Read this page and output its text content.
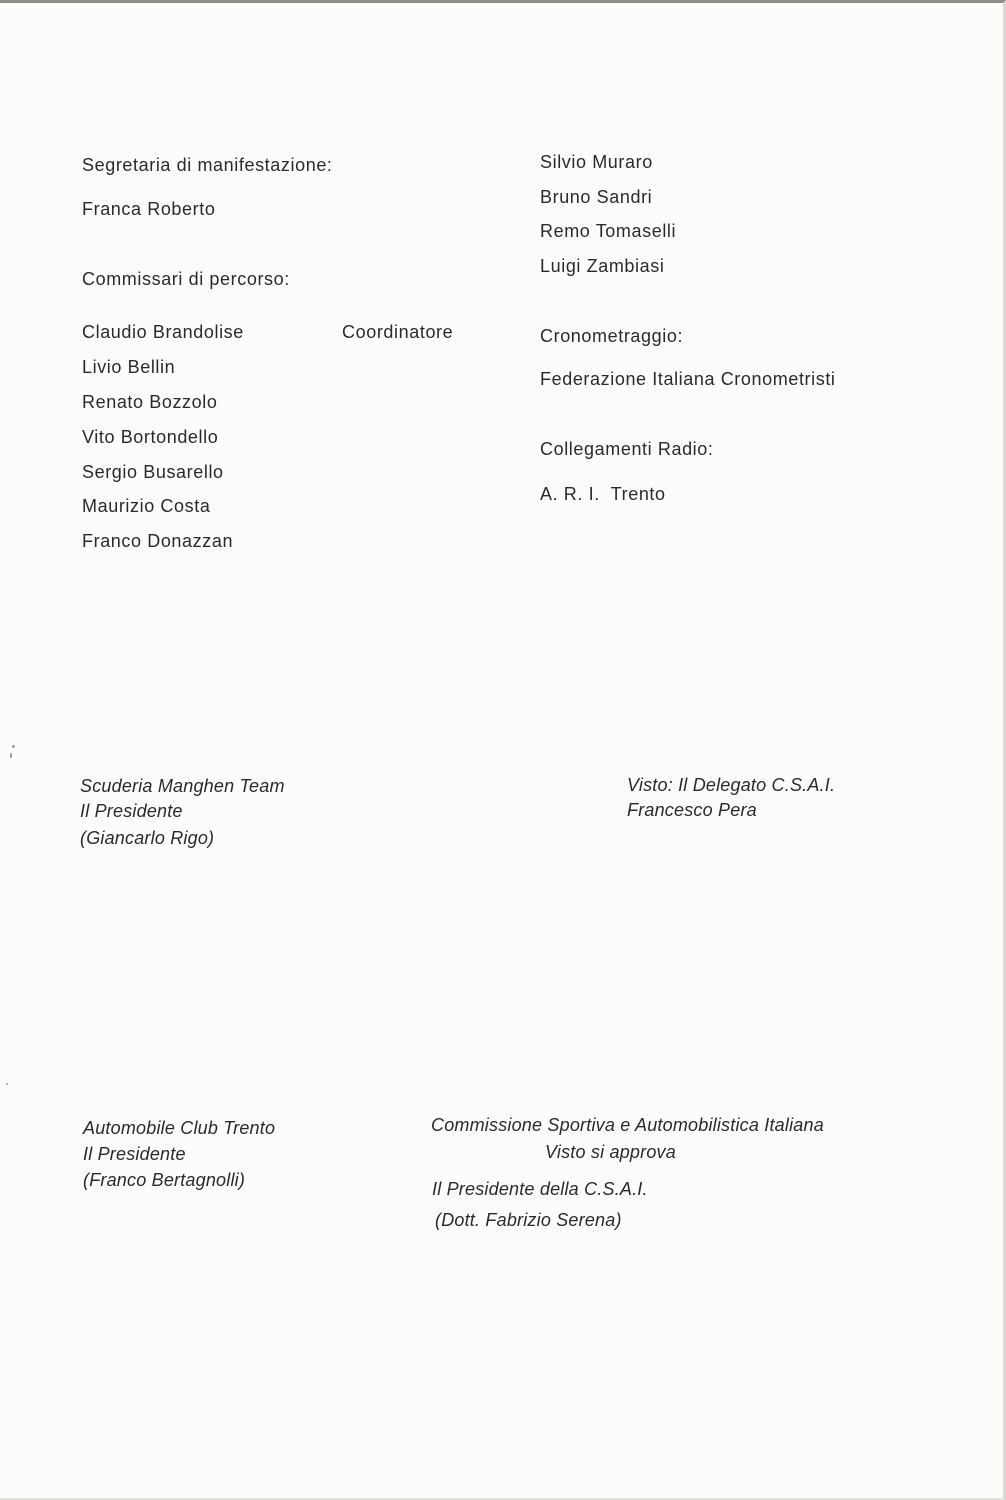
Segretaria di manifestazione:
Franca Roberto
Commissari di percorso:
Claudio Brandolise	Coordinatore
Livio Bellin
Renato Bozzolo
Vito Bortondello
Sergio Busarello
Maurizio Costa
Franco Donazzan
Silvio Muraro
Bruno Sandri
Remo Tomaselli
Luigi Zambiasi
Cronometraggio:
Federazione Italiana Cronometristi
Collegamenti Radio:
A. R. I.  Trento
Scuderia Manghen Team
Il Presidente
(Giancarlo Rigo)
Visto: Il Delegato C.S.A.I.
Francesco Pera
Automobile Club Trento
Il Presidente
(Franco Bertagnolli)
Commissione Sportiva e Automobilistica Italiana
Visto si approva
Il Presidente della C.S.A.I.
(Dott. Fabrizio Serena)
